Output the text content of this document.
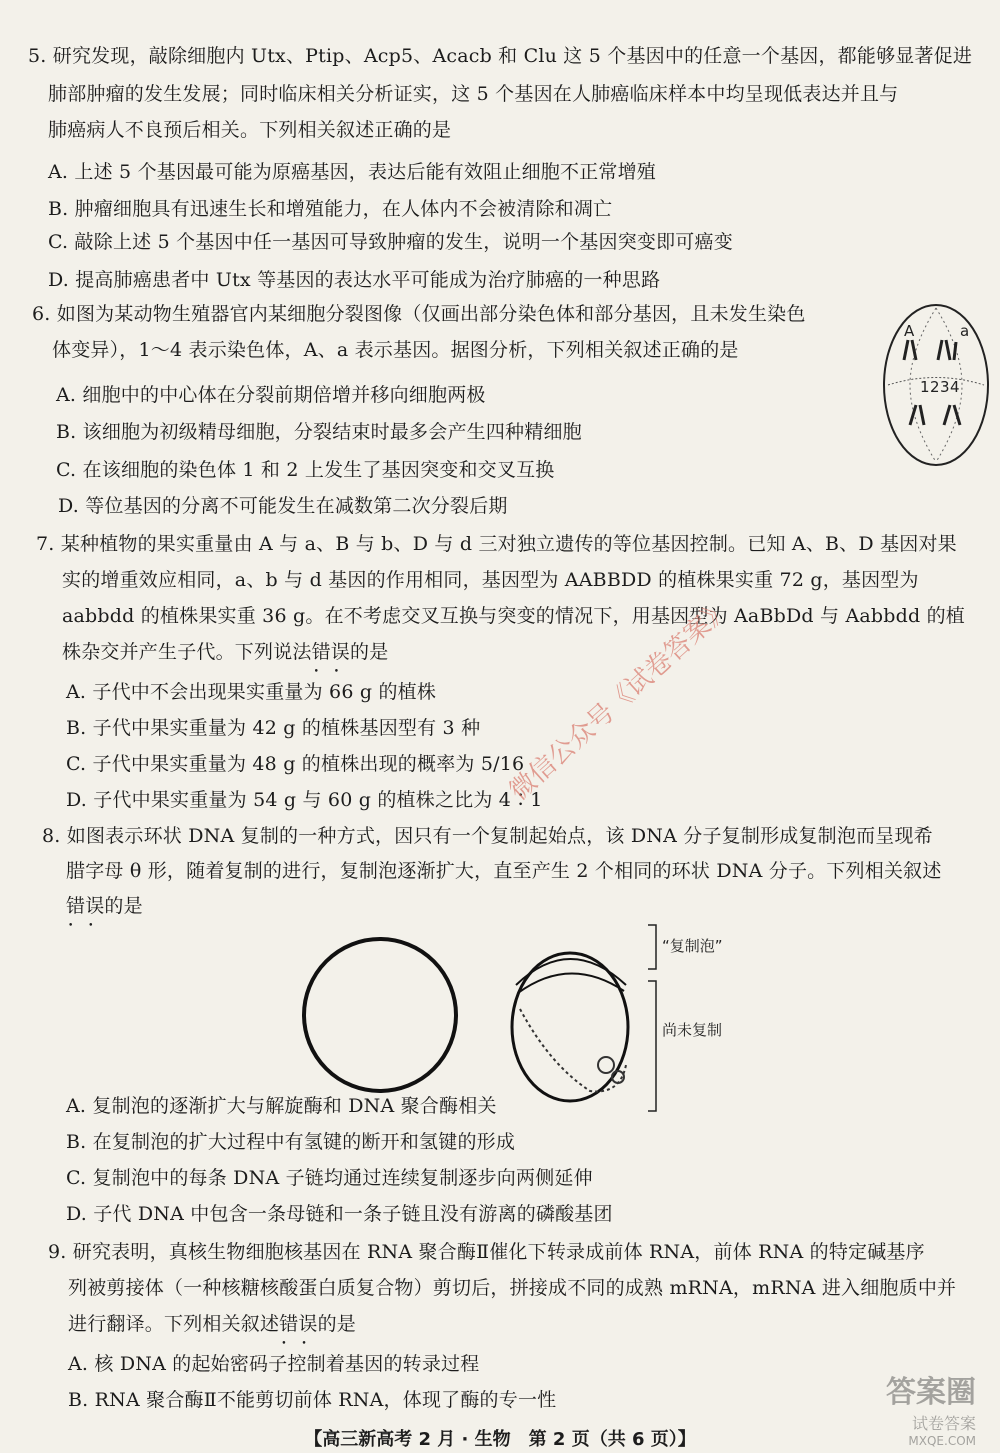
5. 研究发现，敲除细胞内 Utx、Ptip、Acp5、Acacb 和 Clu 这 5 个基因中的任意一个基因，都能够显著促进
肺部肿瘤的发生发展；同时临床相关分析证实，这 5 个基因在人肺癌临床样本中均呈现低表达并且与
肺癌病人不良预后相关。下列相关叙述正确的是
A. 上述 5 个基因最可能为原癌基因，表达后能有效阻止细胞不正常增殖
B. 肿瘤细胞具有迅速生长和增殖能力，在人体内不会被清除和凋亡
C. 敲除上述 5 个基因中任一基因可导致肿瘤的发生，说明一个基因突变即可癌变
D. 提高肺癌患者中 Utx 等基因的表达水平可能成为治疗肺癌的一种思路
6. 如图为某动物生殖器官内某细胞分裂图像（仅画出部分染色体和部分基因，且未发生染色
体变异），1～4 表示染色体，A、a 表示基因。据图分析，下列相关叙述正确的是
A. 细胞中的中心体在分裂前期倍增并移向细胞两极
B. 该细胞为初级精母细胞，分裂结束时最多会产生四种精细胞
C. 在该细胞的染色体 1 和 2 上发生了基因突变和交叉互换
D. 等位基因的分离不可能发生在减数第二次分裂后期
A	a
1 2 3 4
7. 某种植物的果实重量由 A 与 a、B 与 b、D 与 d 三对独立遗传的等位基因控制。已知 A、B、D 基因对果
实的增重效应相同，a、b 与 d 基因的作用相同，基因型为 AABBDD 的植株果实重 72 g，基因型为
aabbdd 的植株果实重 36 g。在不考虑交叉互换与突变的情况下，用基因型为 AaBbDd 与 Aabbdd 的植
株杂交并产生子代。下列说法错误 • •的是
A. 子代中不会出现果实重量为 66 g 的植株
B. 子代中果实重量为 42 g 的植株基因型有 3 种
C. 子代中果实重量为 48 g 的植株出现的概率为 5/16
D. 子代中果实重量为 54 g 与 60 g 的植株之比为 4∶1
8. 如图表示环状 DNA 复制的一种方式，因只有一个复制起始点，该 DNA 分子复制形成复制泡而呈现希
腊字母 θ 形，随着复制的进行，复制泡逐渐扩大，直至产生 2 个相同的环状 DNA 分子。下列相关叙述
错误 • •的是
“复制泡”
尚未复制
A. 复制泡的逐渐扩大与解旋酶和 DNA 聚合酶相关
B. 在复制泡的扩大过程中有氢键的断开和氢键的形成
C. 复制泡中的每条 DNA 子链均通过连续复制逐步向两侧延伸
D. 子代 DNA 中包含一条母链和一条子链且没有游离的磷酸基团
9. 研究表明，真核生物细胞核基因在 RNA 聚合酶Ⅱ催化下转录成前体 RNA，前体 RNA 的特定碱基序
列被剪接体（一种核糖核酸蛋白质复合物）剪切后，拼接成不同的成熟 mRNA，mRNA 进入细胞质中并
进行翻译。下列相关叙述错误 • •的是
A. 核 DNA 的起始密码子控制着基因的转录过程
B. RNA 聚合酶Ⅱ不能剪切前体 RNA，体现了酶的专一性
微信公众号《试卷答案》
答案圈
试卷答案
MXQE.COM
【高三新高考 2 月 · 生物　第 2 页（共 6 页）】
